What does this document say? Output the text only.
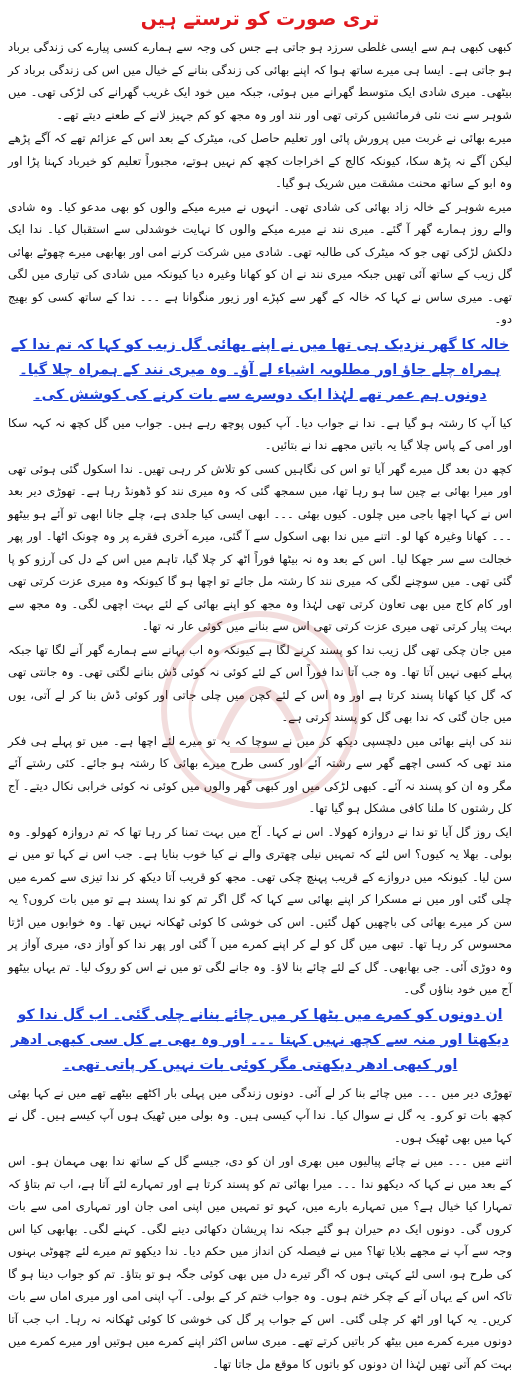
تری صورت کو ترستے ہیں

کبھی کبھی ہم سے ایسی غلطی سرزد ہو جاتی ہے جس کی وجہ سے ہمارے کسی پیارے کی زندگی برباد ہو جاتی ہے۔ ایسا ہی میرے ساتھ ہوا کہ اپنے بھائی کی زندگی بنانے کے خیال میں اس کی زندگی برباد کر بیٹھی۔ میری شادی ایک متوسط گھرانے میں ہوئی، جبکہ میں خود ایک غریب گھرانے کی لڑکی تھی۔ میں شوہر سے نت نئی فرمائشیں کرتی تھی اور نند اور وہ مجھ کو کم جہیز لانے کے طعنے دیتے تھے۔

میرے بھائی نے غربت میں پرورش پائی اور تعلیم حاصل کی، میٹرک کے بعد اس کے عزائم تھے کہ آگے پڑھے لیکن آگے نہ پڑھ سکا، کیونکہ کالج کے اخراجات کچھ کم نہیں ہوتے، مجبوراً تعلیم کو خیرباد کہنا پڑا اور وہ ابو کے ساتھ محنت مشقت میں شریک ہو گیا۔

میرے شوہر کے خالہ زاد بھائی کی شادی تھی۔ انہوں نے میرے میکے والوں کو بھی مدعو کیا۔ وہ شادی والے روز ہمارے گھر آ گئے۔ میری نند نے میرے میکے والوں کا نہایت خوشدلی سے استقبال کیا۔ ندا ایک دلکش لڑکی تھی جو کہ میٹرک کی طالبہ تھی۔ شادی میں شرکت کرنے امی اور بھابھی میرے چھوٹے بھائی گل زیب کے ساتھ آئی تھیں جبکہ میری نند نے ان کو کھانا وغیرہ دیا کیونکہ میں شادی کی تیاری میں لگی تھی۔ میری ساس نے کہا کہ خالہ کے گھر سے کپڑے اور زیور منگوانا ہے ۔۔۔ ندا کے ساتھ کسی کو بھیج دو۔

خالہ کا گھر نزدیک ہی تھا میں نے اپنے بھائی گل زیب کو کہا کہ تم ندا کے ہمراہ چلے جاؤ اور مطلوبہ اشیاء لے آؤ۔ وہ میری نند کے ہمراہ چلا گیا۔ دونوں ہم عمر تھے لہٰذا ایک دوسرے سے بات کرنے کی کوشش کی۔

کیا آپ کا رشتہ ہو گیا ہے۔ ندا نے جواب دیا۔ آپ کیوں پوچھ رہے ہیں۔ جواب میں گل کچھ نہ کہہ سکا اور امی کے پاس چلا گیا یہ باتیں مجھے ندا نے بتائیں۔

کچھ دن بعد گل میرے گھر آیا تو اس کی نگاہیں کسی کو تلاش کر رہی تھیں۔ ندا اسکول گئی ہوئی تھی اور میرا بھائی بے چین سا ہو رہا تھا، میں سمجھ گئی کہ وہ میری نند کو ڈھونڈ رہا ہے۔ تھوڑی دیر بعد اس نے کہا اچھا باجی میں چلوں۔ کیوں بھئی ۔۔۔ ابھی ایسی کیا جلدی ہے، چلے جانا ابھی تو آئے ہو بیٹھو ۔۔۔ کھانا وغیرہ کھا لو۔ اتنے میں ندا بھی اسکول سے آ گئی، میرے آخری فقرے پر وہ چونک اٹھا۔ اور پھر خجالت سے سر جھکا لیا۔ اس کے بعد وہ نہ بیٹھا فوراً اٹھ کر چلا گیا، تاہم میں اس کے دل کی آرزو کو پا گئی تھی۔ میں سوچنے لگی کہ میری نند کا رشتہ مل جائے تو اچھا ہو گا کیونکہ وہ میری عزت کرتی تھی اور کام کاج میں بھی تعاون کرتی تھی لہٰذا وہ مجھ کو اپنے بھائی کے لئے بہت اچھی لگی۔ وہ مجھ سے بہت پیار کرتی تھی میری عزت کرتی تھی اس سے بنانے میں کوئی عار نہ تھا۔

میں جان چکی تھی گل زیب ندا کو پسند کرنے لگا ہے کیونکہ وہ اب بہانے سے ہمارے گھر آنے لگا تھا جبکہ پہلے کبھی نہیں آتا تھا۔ وہ جب آتا ندا فوراً اس کے لئے کوئی نہ کوئی ڈش بنانے لگتی تھی۔ وہ جانتی تھی کہ گل کیا کھانا پسند کرتا ہے اور وہ اس کے لئے کچن میں چلی جاتی اور کوئی ڈش بنا کر لے آتی، یوں میں جان گئی کہ ندا بھی گل کو پسند کرتی ہے۔

نند کی اپنے بھائی میں دلچسپی دیکھ کر میں نے سوچا کہ یہ تو میرے لئے اچھا ہے۔ میں تو پہلے ہی فکر مند تھی کہ کسی اچھے گھر سے رشتہ آئے اور کسی طرح میرے بھائی کا رشتہ ہو جائے۔ کئی رشتے آئے مگر وہ ان کو پسند نہ آئے۔ کبھی لڑکی میں اور کبھی گھر والوں میں کوئی نہ کوئی خرابی نکال دیتے۔ آج کل رشتوں کا ملنا کافی مشکل ہو گیا تھا۔

ایک روز گل آیا تو ندا نے دروازہ کھولا۔ اس نے کہا۔ آج میں بہت تمنا کر رہا تھا کہ تم دروازہ کھولو۔ وہ بولی۔ بھلا یہ کیوں؟ اس لئے کہ تمہیں نیلی چھتری والے نے کیا خوب بنایا ہے۔ جب اس نے کہا تو میں نے سن لیا۔ کیونکہ میں دروازے کے قریب پہنچ چکی تھی۔ مجھ کو قریب آتا دیکھ کر ندا تیزی سے کمرے میں چلی گئی اور میں نے مسکرا کر اپنے بھائی سے کہا کہ گل اگر تم کو ندا پسند ہے تو میں بات کروں؟ یہ سن کر میرے بھائی کی باچھیں کھل گئیں۔ اس کی خوشی کا کوئی ٹھکانہ نہیں تھا۔ وہ خوابوں میں اڑتا محسوس کر رہا تھا۔ تبھی میں گل کو لے کر اپنے کمرے میں آ گئی اور پھر ندا کو آواز دی، میری آواز پر وہ دوڑی آئی۔ جی بھابھی۔ گل کے لئے چائے بنا لاؤ۔ وہ جانے لگی تو میں نے اس کو روک لیا۔ تم یہاں بیٹھو آج میں خود بناؤں گی۔

ان دونوں کو کمرے میں بٹھا کر میں چائے بنانے چلی گئی۔ اب گل ندا کو دیکھتا اور منہ سے کچھ نہیں کہتا ۔۔۔ اور وہ بھی بے کل سی کبھی ادھر اور کبھی ادھر دیکھتی مگر کوئی بات نہیں کر پاتی تھی۔

تھوڑی دیر میں ۔۔۔ میں چائے بنا کر لے آئی۔ دونوں زندگی میں پہلی بار اکٹھے بیٹھے تھے میں نے کہا بھئی کچھ بات تو کرو۔ یہ گل نے سوال کیا۔ ندا آپ کیسی ہیں۔ وہ بولی میں ٹھیک ہوں آپ کیسے ہیں۔ گل نے کہا میں بھی ٹھیک ہوں۔

اتنے میں ۔۔۔ میں نے چائے پیالیوں میں بھری اور ان کو دی، جیسے گل کے ساتھ ندا بھی مہمان ہو۔ اس کے بعد میں نے کہا کہ دیکھو ندا ۔۔۔ میرا بھائی تم کو پسند کرتا ہے اور تمہارے لئے آتا ہے، اب تم بتاؤ کہ تمہارا کیا خیال ہے؟ میں تمہارے بارے میں، کہو تو تمہیں میں اپنی امی جان اور تمہاری امی سے بات کروں گی۔ دونوں ایک دم حیران ہو گئے جبکہ ندا پریشان دکھائی دینے لگی۔ کہنے لگی۔ بھابھی کیا اس وجہ سے آپ نے مجھے بلایا تھا؟ میں نے فیصلہ کن انداز میں حکم دیا۔ ندا دیکھو تم میرے لئے چھوٹی بہنوں کی طرح ہو، اسی لئے کہتی ہوں کہ اگر تیرے دل میں بھی کوئی جگہ ہو تو بتاؤ۔ تم کو جواب دینا ہو گا تاکہ اس کے یہاں آنے کے چکر ختم ہوں۔ وہ جواب ختم کر کے بولی۔ آپ اپنی امی اور میری اماں سے بات کریں۔ یہ کہا اور اٹھ کر چلی گئی۔ اس کے جواب پر گل کی خوشی کا کوئی ٹھکانہ نہ رہا۔ اب جب آتا دونوں میرے کمرے میں بیٹھ کر باتیں کرتے تھے۔ میری ساس اکثر اپنے کمرے میں ہوتیں اور میرے کمرے میں بہت کم آتی تھیں لہٰذا ان دونوں کو باتوں کا موقع مل جاتا تھا۔
